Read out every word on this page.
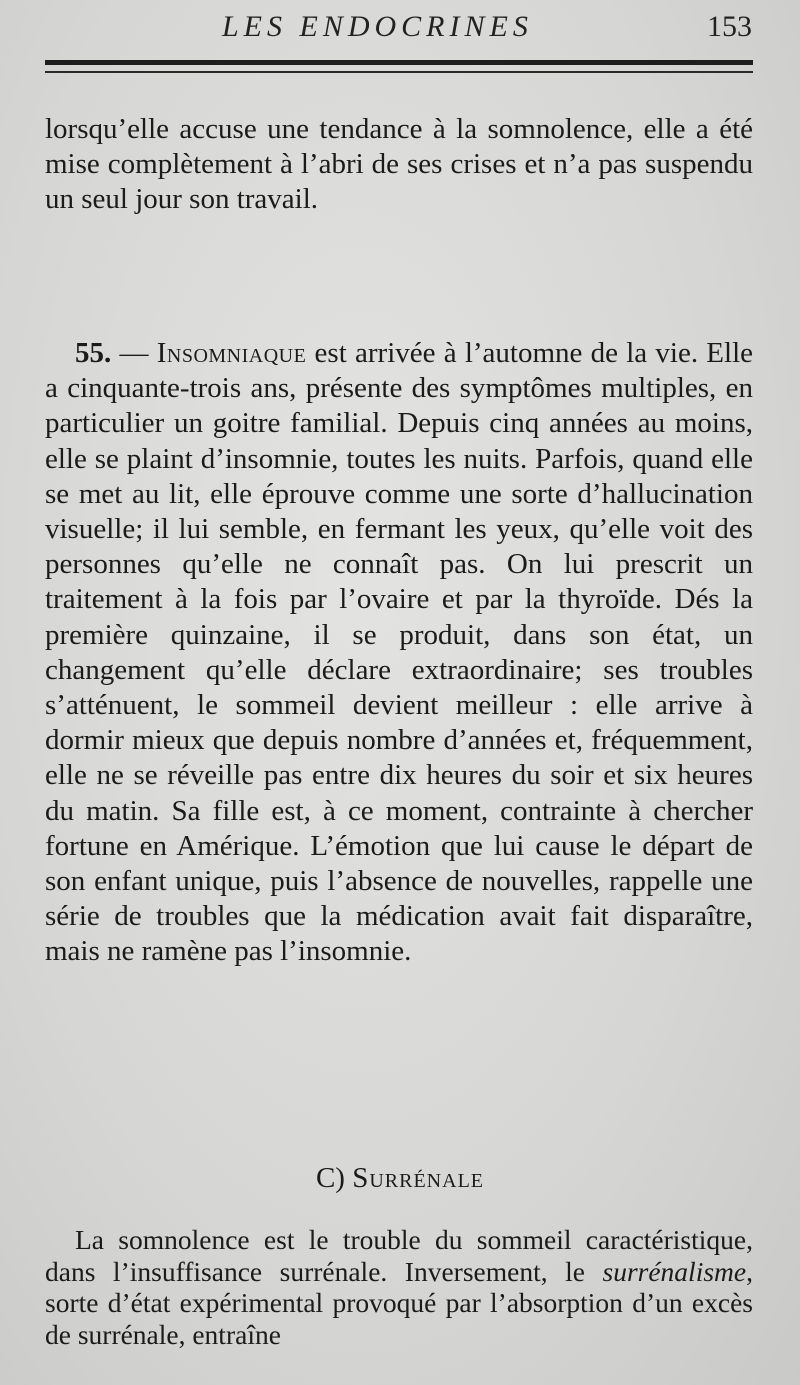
LES ENDOCRINES	153

lorsqu’elle accuse une tendance à la somnolence, elle a été mise complètement à l’abri de ses crises et n’a pas suspendu un seul jour son travail.

55. — Insomniaque est arrivée à l’automne de la vie. Elle a cinquante-trois ans, présente des symptômes multiples, en particulier un goitre familial. Depuis cinq années au moins, elle se plaint d’insomnie, toutes les nuits. Parfois, quand elle se met au lit, elle éprouve comme une sorte d’hallucination visuelle; il lui semble, en fermant les yeux, qu’elle voit des personnes qu’elle ne connaît pas. On lui prescrit un traitement à la fois par l’ovaire et par la thyroïde. Dés la première quinzaine, il se produit, dans son état, un changement qu’elle déclare extraordinaire; ses troubles s’atténuent, le sommeil devient meilleur : elle arrive à dormir mieux que depuis nombre d’années et, fréquemment, elle ne se réveille pas entre dix heures du soir et six heures du matin. Sa fille est, à ce moment, contrainte à chercher fortune en Amérique. L’émotion que lui cause le départ de son enfant unique, puis l’absence de nouvelles, rappelle une série de troubles que la médication avait fait disparaître, mais ne ramène pas l’insomnie.

C) Surrénale

La somnolence est le trouble du sommeil caractéristique, dans l’insuffisance surrénale. Inversement, le surrénalisme, sorte d’état expérimental provoqué par l’absorption d’un excès de surrénale, entraîne
